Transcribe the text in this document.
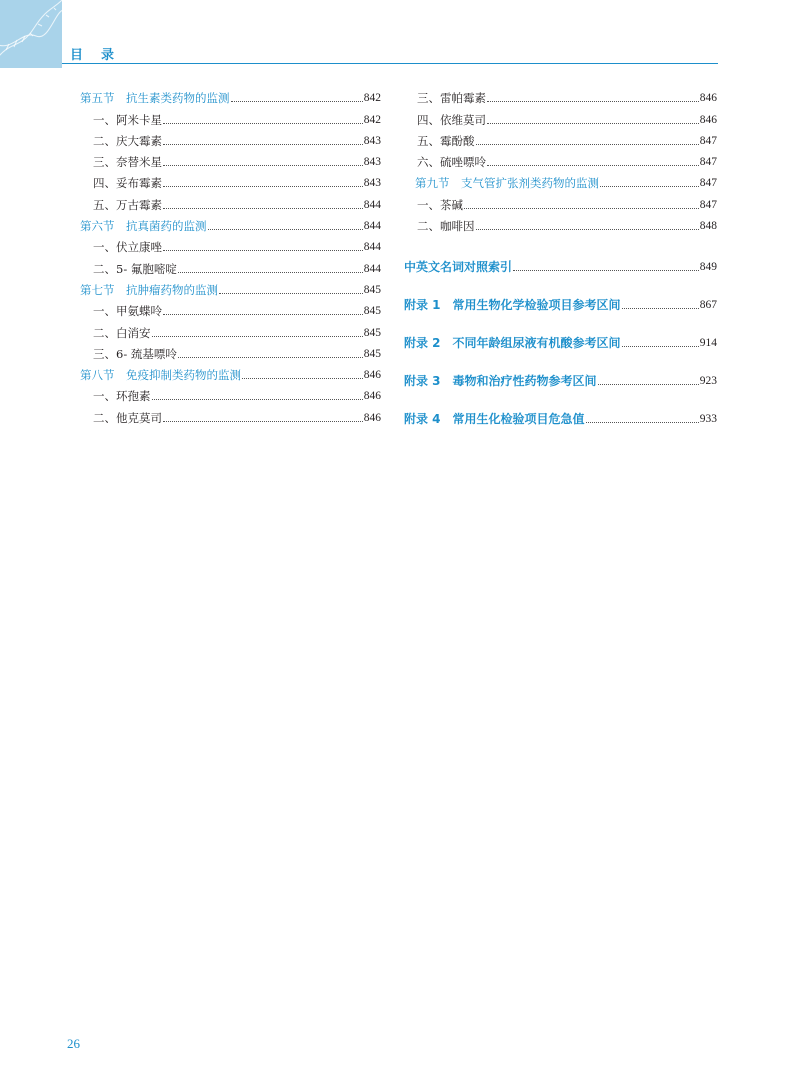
目 录
第五节　抗生素类药物的监测	842
一、阿米卡星	842
二、庆大霉素	843
三、奈替米星	843
四、妥布霉素	843
五、万古霉素	844
第六节　抗真菌药的监测	844
一、伏立康唑	844
二、5- 氟胞嘧啶	844
第七节　抗肿瘤药物的监测	845
一、甲氨蝶呤	845
二、白消安	845
三、6- 巯基嘌呤	845
第八节　免疫抑制类药物的监测	846
一、环孢素	846
二、他克莫司	846
三、雷帕霉素	846
四、依维莫司	846
五、霉酚酸	847
六、硫唑嘌呤	847
第九节　支气管扩张剂类药物的监测	847
一、茶碱	847
二、咖啡因	848
中英文名词对照索引	849
附录 1　常用生物化学检验项目参考区间	867
附录 2　不同年龄组尿液有机酸参考区间	914
附录 3　毒物和治疗性药物参考区间	923
附录 4　常用生化检验项目危急值	933
26
